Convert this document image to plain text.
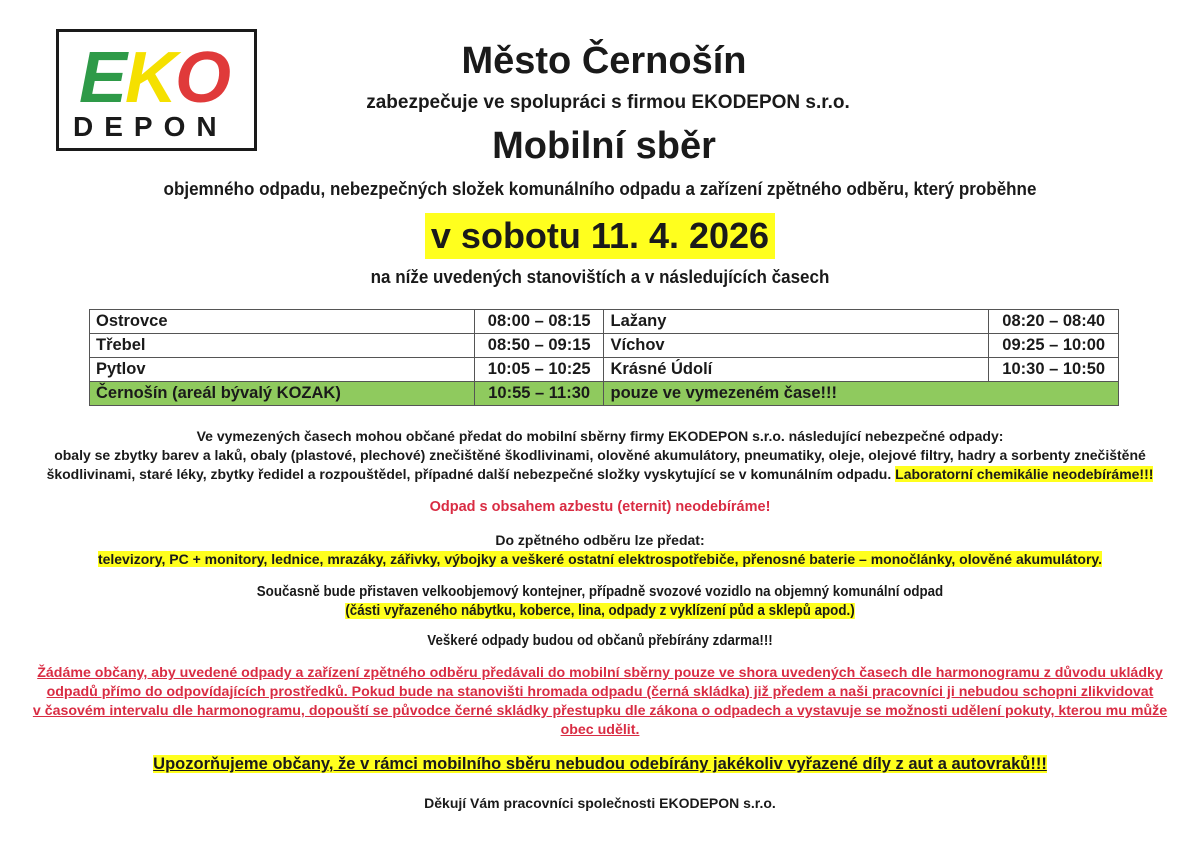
EKO
DEPON
Město Černošín
zabezpečuje ve spolupráci s firmou EKODEPON s.r.o.
Mobilní sběr
objemného odpadu, nebezpečných složek komunálního odpadu a zařízení zpětného odběru, který proběhne
v sobotu 11. 4. 2026
na níže uvedených stanovištích a v následujících časech
Ostrovce	08:00 – 08:15	Lažany	08:20 – 08:40
Třebel	08:50 – 09:15	Víchov	09:25 – 10:00
Pytlov	10:05 – 10:25	Krásné Údolí	10:30 – 10:50
Černošín (areál bývalý KOZAK)	10:55 – 11:30	pouze ve vymezeném čase!!!	
Ve vymezených časech mohou občané předat do mobilní sběrny firmy EKODEPON s.r.o. následující nebezpečné odpady:
obaly se zbytky barev a laků, obaly (plastové, plechové) znečištěné škodlivinami, olověné akumulátory, pneumatiky, oleje, olejové filtry, hadry a sorbenty znečištěné
škodlivinami, staré léky, zbytky ředidel a rozpouštědel, případné další nebezpečné složky vyskytující se v komunálním odpadu. Laboratorní chemikálie neodebíráme!!!
Odpad s obsahem azbestu (eternit) neodebíráme!
Do zpětného odběru lze předat:
televizory, PC + monitory, lednice, mrazáky, zářivky, výbojky a veškeré ostatní elektrospotřebiče, přenosné baterie – monočlánky, olověné akumulátory.
Současně bude přistaven velkoobjemový kontejner, případně svozové vozidlo na objemný komunální odpad
(části vyřazeného nábytku, koberce, lina, odpady z vyklízení půd a sklepů apod.)
Veškeré odpady budou od občanů přebírány zdarma!!!
Žádáme občany, aby uvedené odpady a zařízení zpětného odběru předávali do mobilní sběrny pouze ve shora uvedených časech dle harmonogramu z důvodu ukládky
odpadů přímo do odpovídajících prostředků. Pokud bude na stanovišti hromada odpadu (černá skládka) již předem a naši pracovníci ji nebudou schopni zlikvidovat
v časovém intervalu dle harmonogramu, dopouští se původce černé skládky přestupku dle zákona o odpadech a vystavuje se možnosti udělení pokuty, kterou mu může
obec udělit.
Upozorňujeme občany, že v rámci mobilního sběru nebudou odebírány jakékoliv vyřazené díly z aut a autovraků!!!
Děkují Vám pracovníci společnosti EKODEPON s.r.o.
